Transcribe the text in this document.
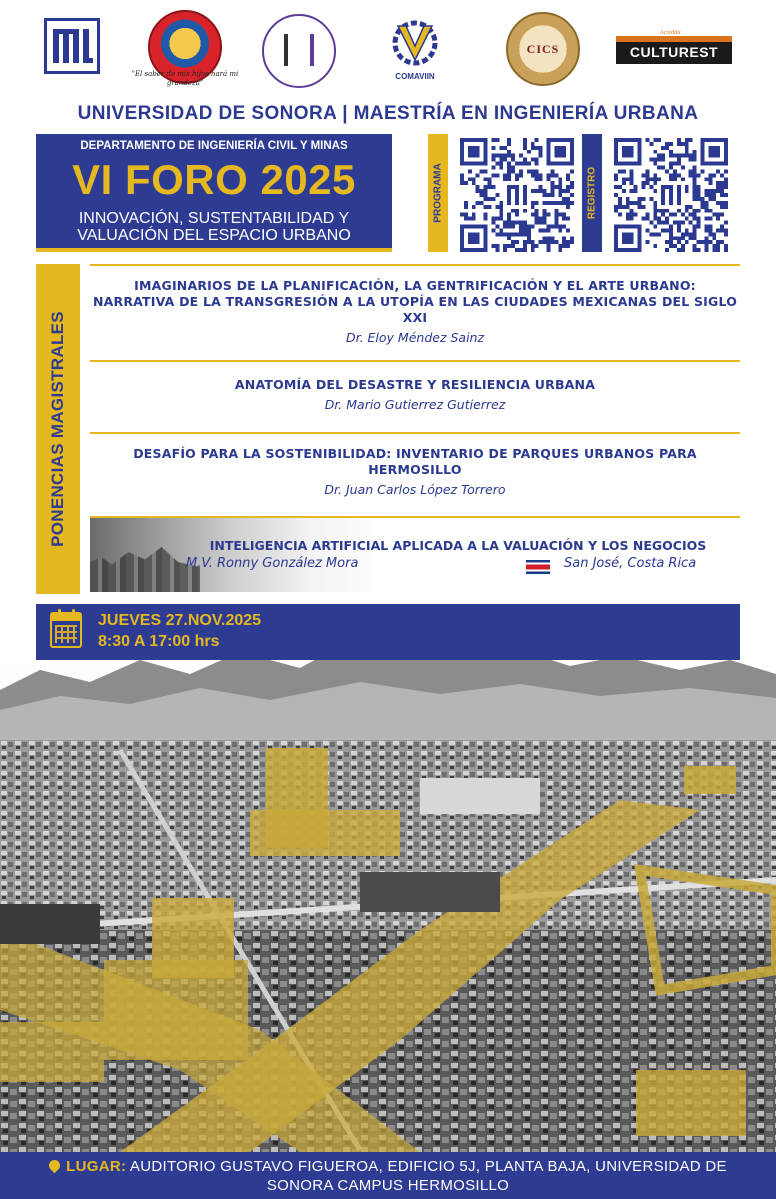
"El saber de mis hijos hará mi grandeza"
COMAVIIN
CICS
Acredita
CULTUREST
UNIVERSIDAD DE SONORA | MAESTRÍA EN INGENIERÍA URBANA
DEPARTAMENTO DE INGENIERÍA CIVIL Y MINAS
VI FORO 2025
INNOVACIÓN, SUSTENTABILIDAD Y
VALUACIÓN DEL ESPACIO URBANO
PROGRAMA	REGISTRO
PONENCIAS MAGISTRALES
IMAGINARIOS DE LA PLANIFICACIÓN, LA GENTRIFICACIÓN Y EL ARTE URBANO:
NARRATIVA DE LA TRANSGRESIÓN A LA UTOPÍA EN LAS CIUDADES MEXICANAS DEL SIGLO
XXI
Dr. Eloy Méndez Sainz
ANATOMÍA DEL DESASTRE Y RESILIENCIA URBANA
Dr. Mario Gutierrez Gutierrez
DESAFÍO PARA LA SOSTENIBILIDAD: INVENTARIO DE PARQUES URBANOS PARA
HERMOSILLO
Dr. Juan Carlos López Torrero
INTELIGENCIA ARTIFICIAL APLICADA A LA VALUACIÓN Y LOS NEGOCIOS
M.V. Ronny González Mora	San José, Costa Rica
JUEVES 27.NOV.2025
8:30 A 17:00 hrs
LUGAR: AUDITORIO GUSTAVO FIGUEROA, EDIFICIO 5J, PLANTA BAJA, UNIVERSIDAD DE
SONORA CAMPUS HERMOSILLO
